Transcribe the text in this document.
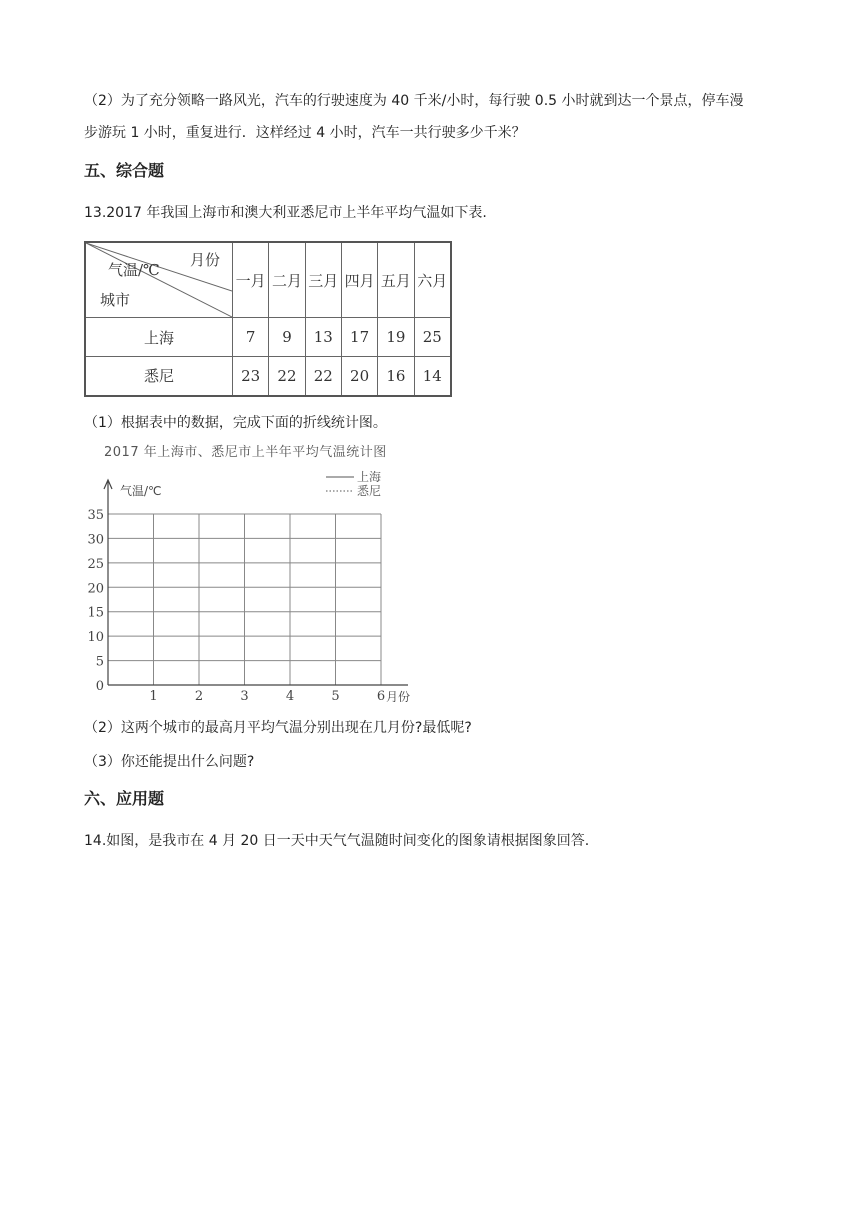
（2）为了充分领略一路风光，汽车的行驶速度为 40 千米/小时，每行驶 0.5 小时就到达一个景点，停车漫

步游玩 1 小时，重复进行．这样经过 4 小时，汽车一共行驶多少千米？

五、综合题

13.2017 年我国上海市和澳大利亚悉尼市上半年平均气温如下表.

月份
气温/℃
城市	一月	二月	三月	四月	五月	六月
上海	7	9	13	17	19	25
悉尼	23	22	22	20	16	14

（1）根据表中的数据，完成下面的折线统计图。

2017 年上海市、悉尼市上半年平均气温统计图

35
30
25
20
15
10
5
0
1	2	3	4	5	6
气温/℃
月份
上海
悉尼

（2）这两个城市的最高月平均气温分别出现在几月份?最低呢?

（3）你还能提出什么问题?

六、应用题

14.如图，是我市在 4 月 20 日一天中天气气温随时间变化的图象请根据图象回答.
